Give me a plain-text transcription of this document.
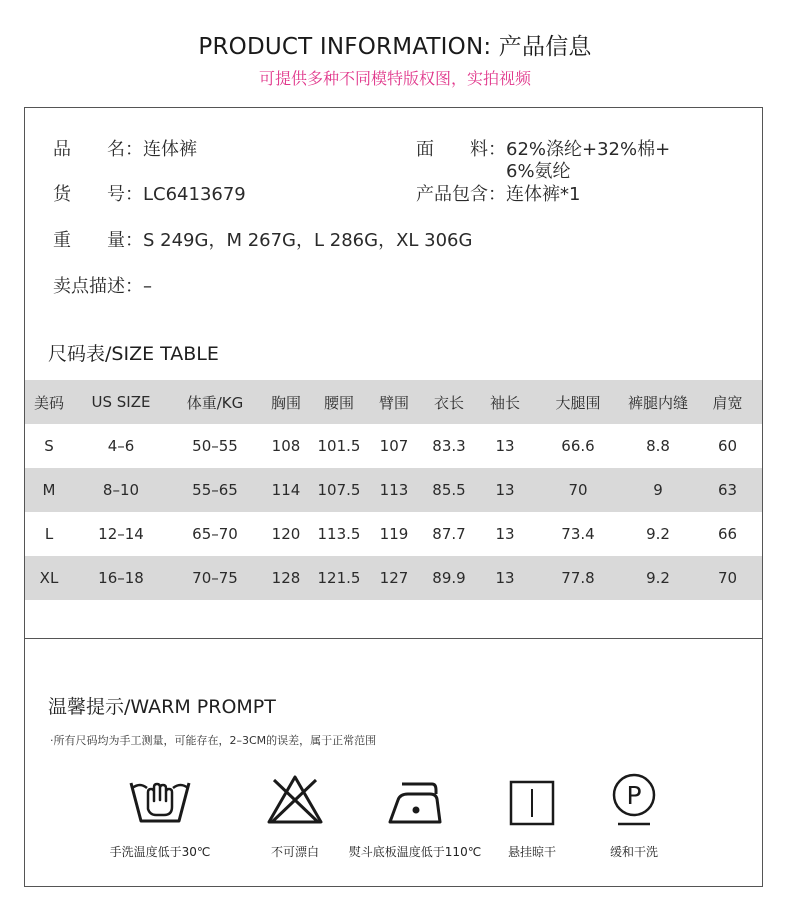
PRODUCT INFORMATION: 产品信息
可提供多种不同模特版权图，实拍视频
品　　名：连体裤	面　　料：62%涤纶+32%棉+
6%氨纶
货　　号：LC6413679	产品包含：连体裤*1
重　　量：S 249G，M 267G，L 286G，XL 306G
卖点描述：–
尺码表/SIZE TABLE
美码	US SIZE	体重/KG	胸围	腰围	臂围	衣长	袖长	大腿围	裤腿内缝	肩宽
S	4–6	50–55	108	101.5	107	83.3	13	66.6	8.8	60
M	8–10	55–65	114	107.5	113	85.5	13	70	9	63
L	12–14	65–70	120	113.5	119	87.7	13	73.4	9.2	66
XL	16–18	70–75	128	121.5	127	89.9	13	77.8	9.2	70
温馨提示/WARM PROMPT
·所有尺码均为手工测量，可能存在，2–3CM的误差，属于正常范围
手洗温度低于30℃	不可漂白	熨斗底板温度低于110℃	悬挂晾干
P
缓和干洗
